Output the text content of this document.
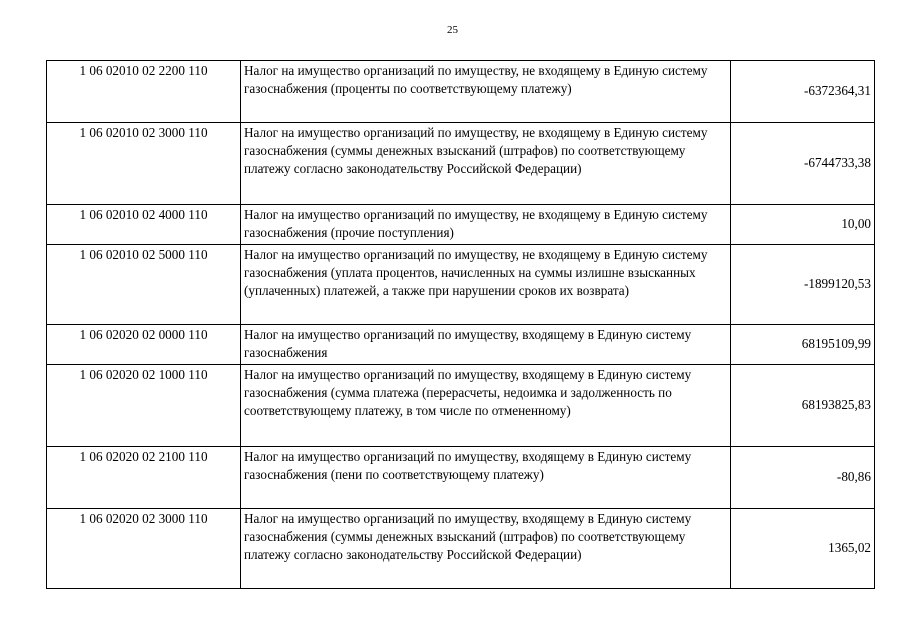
25
1 06 02010 02 2200 110	Налог на имущество организаций по имуществу, не входящему в Единую систему газоснабжения (проценты по соответствующему платежу)	-6372364,31
1 06 02010 02 3000 110	Налог на имущество организаций по имуществу, не входящему в Единую систему газоснабжения (суммы денежных взысканий (штрафов) по соответствующему платежу согласно законодательству Российской Федерации)	-6744733,38
1 06 02010 02 4000 110	Налог на имущество организаций по имуществу, не входящему в Единую систему газоснабжения (прочие поступления)	10,00
1 06 02010 02 5000 110	Налог на имущество организаций по имуществу, не входящему в Единую систему газоснабжения (уплата процентов, начисленных на суммы излишне взысканных (уплаченных) платежей, а также при нарушении сроков их возврата)	-1899120,53
1 06 02020 02 0000 110	Налог на имущество организаций по имуществу, входящему в Единую систему газоснабжения	68195109,99
1 06 02020 02 1000 110	Налог на имущество организаций по имуществу, входящему в Единую систему газоснабжения (сумма платежа (перерасчеты, недоимка и задолженность по соответствующему платежу, в том числе по отмененному)	68193825,83
1 06 02020 02 2100 110	Налог на имущество организаций по имуществу, входящему в Единую систему газоснабжения (пени по соответствующему платежу)	-80,86
1 06 02020 02 3000 110	Налог на имущество организаций по имуществу, входящему в Единую систему газоснабжения (суммы денежных взысканий (штрафов) по соответствующему платежу согласно законодательству Российской Федерации)	1365,02
